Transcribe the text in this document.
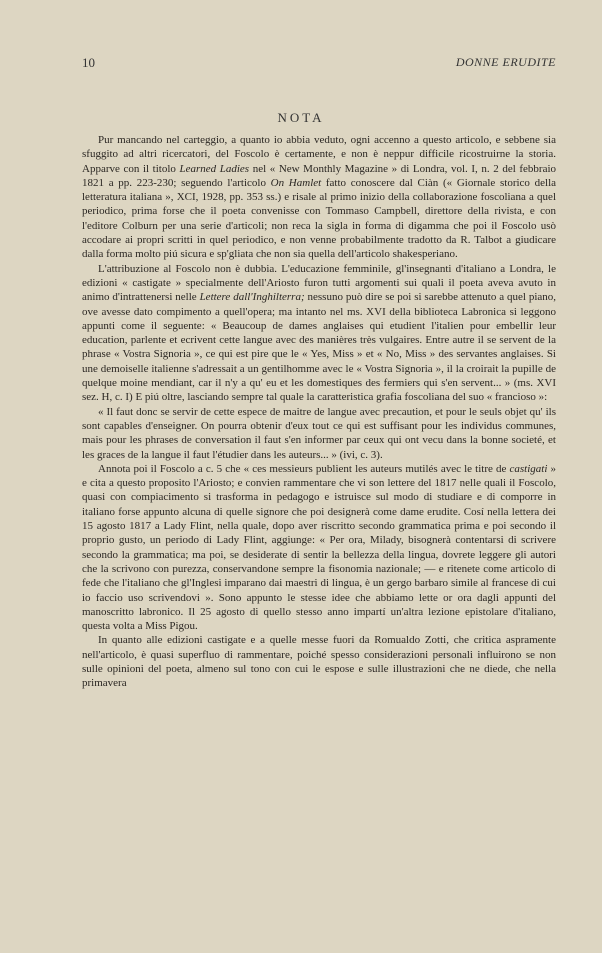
10	DONNE ERUDITE
NOTA

Pur mancando nel carteggio, a quanto io abbia veduto, ogni accenno a questo articolo, e sebbene sia sfuggito ad altri ricercatori, del Foscolo è certamente, e non è neppur difficile ricostruirne la storia. Apparve con il titolo Learned Ladies nel « New Monthly Magazine » di Londra, vol. I, n. 2 del febbraio 1821 a pp. 223-230; seguendo l'articolo On Hamlet fatto conoscere dal Ciàn (« Giornale storico della letteratura italiana », XCI, 1928, pp. 353 ss.) e risale al primo inizio della collaborazione foscoliana a quel periodico, prima forse che il poeta convenisse con Tommaso Campbell, direttore della rivista, e con l'editore Colburn per una serie d'articoli; non reca la sigla in forma di digamma che poi il Foscolo usò accodare ai propri scritti in quel periodico, e non venne probabilmente tradotto da R. Talbot a giudicare dalla forma molto piú sicura e sp'gliata che non sia quella dell'articolo shakesperiano.

L'attribuzione al Foscolo non è dubbia. L'educazione femminile, gl'insegnanti d'italiano a Londra, le edizioni « castigate » specialmente dell'Ariosto furon tutti argomenti sui quali il poeta aveva avuto in animo d'intrattenersi nelle Lettere dall'Inghilterra; nessuno può dire se poi si sarebbe attenuto a quel piano, ove avesse dato compimento a quell'opera; ma intanto nel ms. XVI della biblioteca Labronica si leggono appunti come il seguente: « Beaucoup de dames anglaises qui etudient l'italien pour embellir leur education, parlente et ecrivent cette langue avec des manières très vulgaires. Entre autre il se servent de la phrase « Vostra Signoria », ce qui est pire que le « Yes, Miss » et « No, Miss » des servantes anglaises. Si une demoiselle italienne s'adressait a un gentilhomme avec le « Vostra Signoria », il la croirait la pupille de quelque moine mendiant, car il n'y a qu' eu et les domestiques des fermiers qui s'en servent... » (ms. XVI sez. H, c. I) E piú oltre, lasciando sempre tal quale la caratteristica grafia foscoliana del suo « francioso »:

« Il faut donc se servir de cette espece de maitre de langue avec precaution, et pour le seuls objet qu' ils sont capables d'enseigner. On pourra obtenir d'eux tout ce qui est suffisant pour les individus communes, mais pour les phrases de conversation il faut s'en informer par ceux qui ont vecu dans la bonne societé, et les graces de la langue il faut l'étudier dans les auteurs... » (ivi, c. 3).

Annota poi il Foscolo a c. 5 che « ces messieurs publient les auteurs mutilés avec le titre de castigati » e cita a questo proposito l'Ariosto; e convien rammentare che vi son lettere del 1817 nelle quali il Foscolo, quasi con compiacimento si trasforma in pedagogo e istruisce sul modo di studiare e di comporre in italiano forse appunto alcuna di quelle signore che poi designerà come dame erudite. Cosí nella lettera dei 15 agosto 1817 a Lady Flint, nella quale, dopo aver riscritto secondo grammatica prima e poi secondo il proprio gusto, un periodo di Lady Flint, aggiunge: « Per ora, Milady, bisognerà contentarsi di scrivere secondo la grammatica; ma poi, se desiderate di sentir la bellezza della lingua, dovrete leggere gli autori che la scrivono con purezza, conservandone sempre la fisonomia nazionale; — e ritenete come articolo di fede che l'italiano che gl'Inglesi imparano dai maestri di lingua, è un gergo barbaro simile al francese di cui io faccio uso scrivendovi ». Sono appunto le stesse idee che abbiamo lette or ora dagli appunti del manoscritto labronico. Il 25 agosto di quello stesso anno impartí un'altra lezione epistolare d'italiano, questa volta a Miss Pigou.

In quanto alle edizioni castigate e a quelle messe fuori da Romualdo Zotti, che critica aspramente nell'articolo, è quasi superfluo di rammentare, poiché spesso considerazioni personali influirono se non sulle opinioni del poeta, almeno sul tono con cui le espose e sulle illustrazioni che ne diede, che nella primavera
